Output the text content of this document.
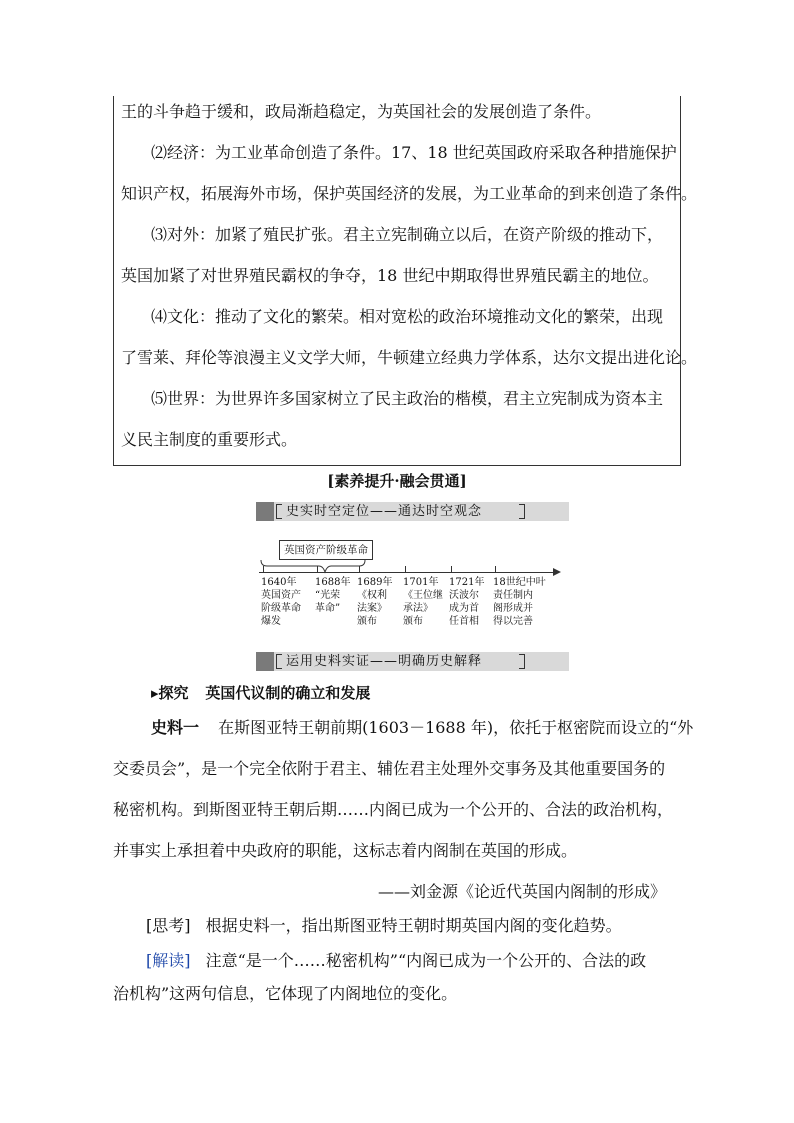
王的斗争趋于缓和，政局渐趋稳定，为英国社会的发展创造了条件。

⑵经济：为工业革命创造了条件。17、18 世纪英国政府采取各种措施保护

知识产权，拓展海外市场，保护英国经济的发展，为工业革命的到来创造了条件。

⑶对外：加紧了殖民扩张。君主立宪制确立以后，在资产阶级的推动下，

英国加紧了对世界殖民霸权的争夺，18 世纪中期取得世界殖民霸主的地位。

⑷文化：推动了文化的繁荣。相对宽松的政治环境推动文化的繁荣，出现

了雪莱、拜伦等浪漫主义文学大师，牛顿建立经典力学体系，达尔文提出进化论。

⑸世界：为世界许多国家树立了民主政治的楷模，君主立宪制成为资本主

义民主制度的重要形式。

[素养提升·融会贯通]
史实时空定位——通达时空观念
英国资产阶级革命
1640年
英国资产
阶级革命
爆发
1688年
“光荣
革命”
1689年
《权利
法案》
颁布
1701年
《王位继
承法》
颁布
1721年
沃波尔
成为首
任首相
18世纪中叶
责任制内
阁形成并
得以完善
运用史料实证——明确历史解释
▸探究 英国代议制的确立和发展
史料一 在斯图亚特王朝前期(1603－1688 年)，依托于枢密院而设立的“外
交委员会”，是一个完全依附于君主、辅佐君主处理外交事务及其他重要国务的
秘密机构。到斯图亚特王朝后期……内阁已成为一个公开的、合法的政治机构，
并事实上承担着中央政府的职能，这标志着内阁制在英国的形成。
——刘金源《论近代英国内阁制的形成》
[思考] 根据史料一，指出斯图亚特王朝时期英国内阁的变化趋势。
[解读] 注意“是一个……秘密机构”“内阁已成为一个公开的、合法的政
治机构”这两句信息，它体现了内阁地位的变化。
